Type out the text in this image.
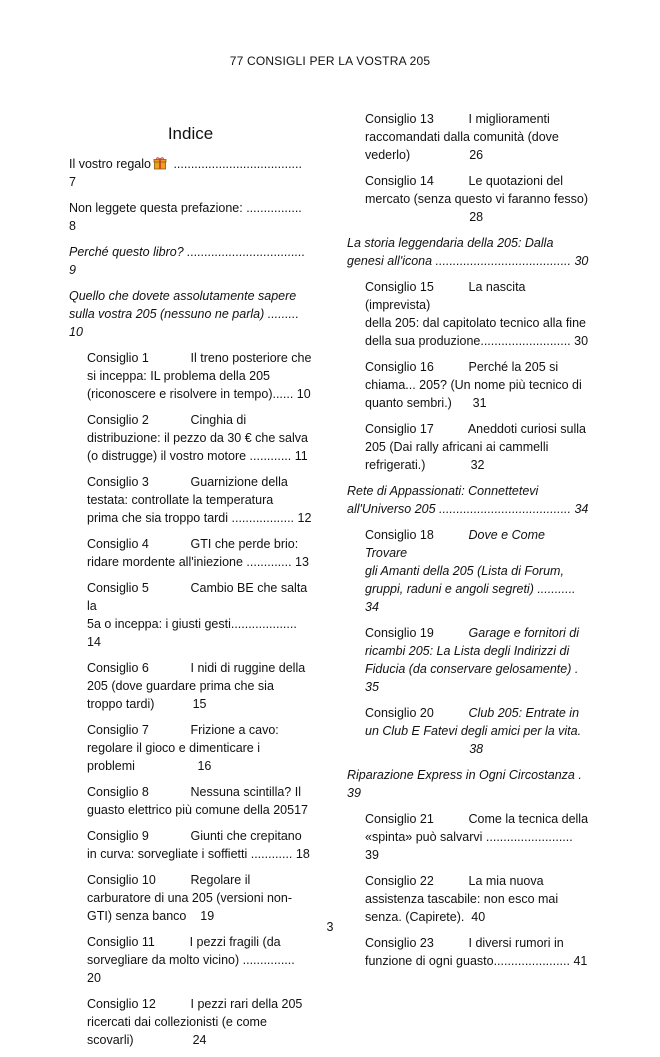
77 CONSIGLI PER LA VOSTRA 205
Indice
Il vostro regalo ..................................... 7
Non leggete questa prefazione: ................ 8
Perché questo libro? .................................. 9
Quello che dovete assolutamente sapere
sulla vostra 205 (nessuno ne parla) ......... 10
Consiglio 1            Il treno posteriore che
si inceppa: IL problema della 205
(riconoscere e risolvere in tempo)...... 10
Consiglio 2            Cinghia di
distribuzione: il pezzo da 30 € che salva
(o distrugge) il vostro motore ............ 11
Consiglio 3            Guarnizione della
testata: controllate la temperatura
prima che sia troppo tardi .................. 12
Consiglio 4            GTI che perde brio:
ridare mordente all'iniezione ............. 13
Consiglio 5            Cambio BE che salta la
5a o inceppa: i giusti gesti................... 14
Consiglio 6            I nidi di ruggine della
205 (dove guardare prima che sia
troppo tardi)           15
Consiglio 7            Frizione a cavo:
regolare il gioco e dimenticare i
problemi                  16
Consiglio 8            Nessuna scintilla? Il
guasto elettrico più comune della 20517
Consiglio 9            Giunti che crepitano
in curva: sorvegliate i soffietti ............ 18
Consiglio 10          Regolare il
carburatore di una 205 (versioni non-
GTI) senza banco    19
Consiglio 11          I pezzi fragili (da
sorvegliare da molto vicino) ............... 20
Consiglio 12          I pezzi rari della 205
ricercati dai collezionisti (e come
scovarli)                 24
Consiglio 13          I miglioramenti
raccomandati dalla comunità (dove
vederlo)                 26
Consiglio 14          Le quotazioni del
mercato (senza questo vi faranno fesso)
28
La storia leggendaria della 205: Dalla
genesi all'icona ....................................... 30
Consiglio 15          La nascita (imprevista)
della 205: dal capitolato tecnico alla fine
della sua produzione.......................... 30
Consiglio 16          Perché la 205 si
chiama... 205? (Un nome più tecnico di
quanto sembri.)      31
Consiglio 17          Aneddoti curiosi sulla
205 (Dai rally africani ai cammelli
refrigerati.)             32
Rete di Appassionati: Connettetevi
all'Universo 205 ...................................... 34
Consiglio 18          Dove e Come Trovare
gli Amanti della 205 (Lista di Forum,
gruppi, raduni e angoli segreti) ........... 34
Consiglio 19          Garage e fornitori di
ricambi 205: La Lista degli Indirizzi di
Fiducia (da conservare gelosamente) . 35
Consiglio 20          Club 205: Entrate in
un Club E Fatevi degli amici per la vita.
38
Riparazione Express in Ogni Circostanza . 39
Consiglio 21          Come la tecnica della
«spinta» può salvarvi ......................... 39
Consiglio 22          La mia nuova
assistenza tascabile: non esco mai
senza. (Capirete).  40
Consiglio 23          I diversi rumori in
funzione di ogni guasto...................... 41
3
